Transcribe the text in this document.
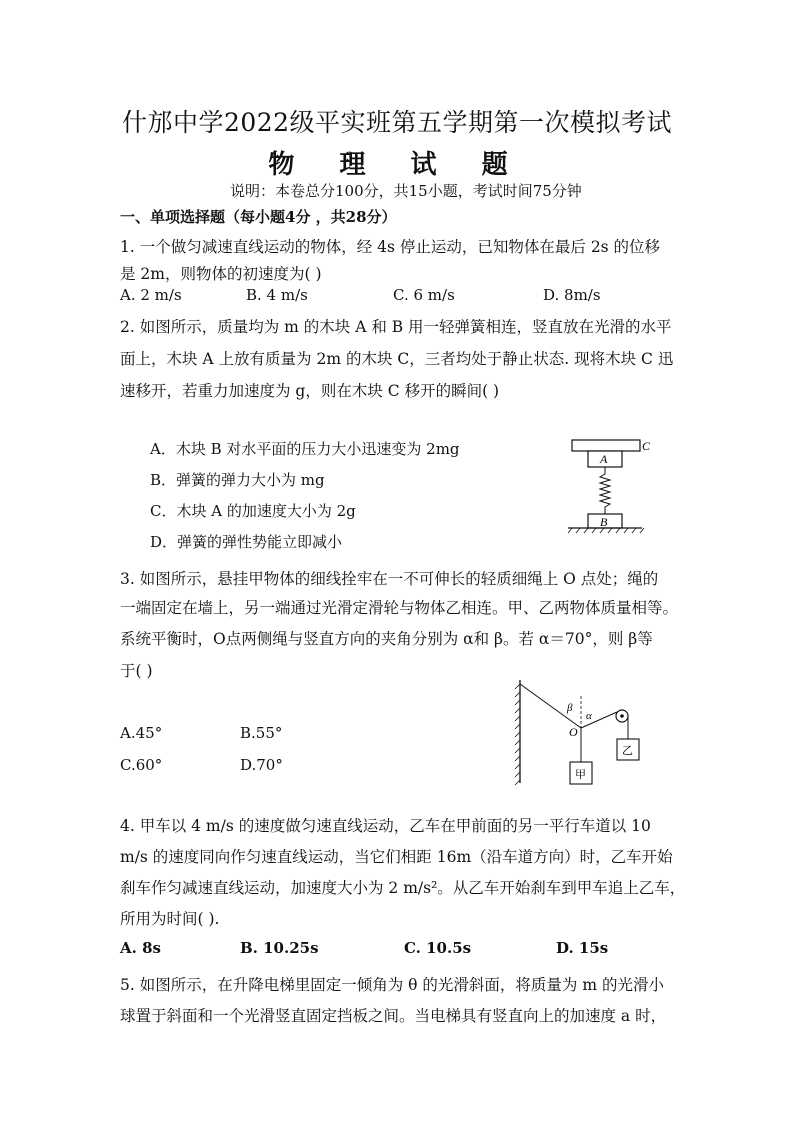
什邡中学2022级平实班第五学期第一次模拟考试
物 理 试 题
说明：本卷总分100分，共15小题，考试时间75分钟
一、单项选择题（每小题4分 ，共28分）
1. 一个做匀减速直线运动的物体，经 4s 停止运动，已知物体在最后 2s 的位移
是 2m，则物体的初速度为( )
A. 2 m/s	B. 4 m/s	C. 6 m/s	D. 8m/s
2. 如图所示，质量均为 m 的木块 A 和 B 用一轻弹簧相连，竖直放在光滑的水平
面上，木块 A 上放有质量为 2m 的木块 C，三者均处于静止状态. 现将木块 C 迅
速移开，若重力加速度为 g，则在木块 C 移开的瞬间( )
A．木块 B 对水平面的压力大小迅速变为 2mg
B．弹簧的弹力大小为 mg
C．木块 A 的加速度大小为 2g
D．弹簧的弹性势能立即减小
C
A
B
3. 如图所示，悬挂甲物体的细线拴牢在一不可伸长的轻质细绳上 O 点处；绳的
一端固定在墙上，另一端通过光滑定滑轮与物体乙相连。甲、乙两物体质量相等。
系统平衡时，O点两侧绳与竖直方向的夹角分别为 α和 β。若 α＝70°，则 β等
于( )
A.45°	B.55°
C.60°	D.70°
β
α
O
甲
乙
4. 甲车以 4 m/s 的速度做匀速直线运动，乙车在甲前面的另一平行车道以 10
m/s 的速度同向作匀速直线运动，当它们相距 16m（沿车道方向）时，乙车开始
刹车作匀减速直线运动，加速度大小为 2 m/s²。从乙车开始刹车到甲车追上乙车，
所用为时间( ).
A. 8s	B. 10.25s	C. 10.5s	D. 15s
5. 如图所示，在升降电梯里固定一倾角为 θ 的光滑斜面，将质量为 m 的光滑小
球置于斜面和一个光滑竖直固定挡板之间。当电梯具有竖直向上的加速度 a 时，
